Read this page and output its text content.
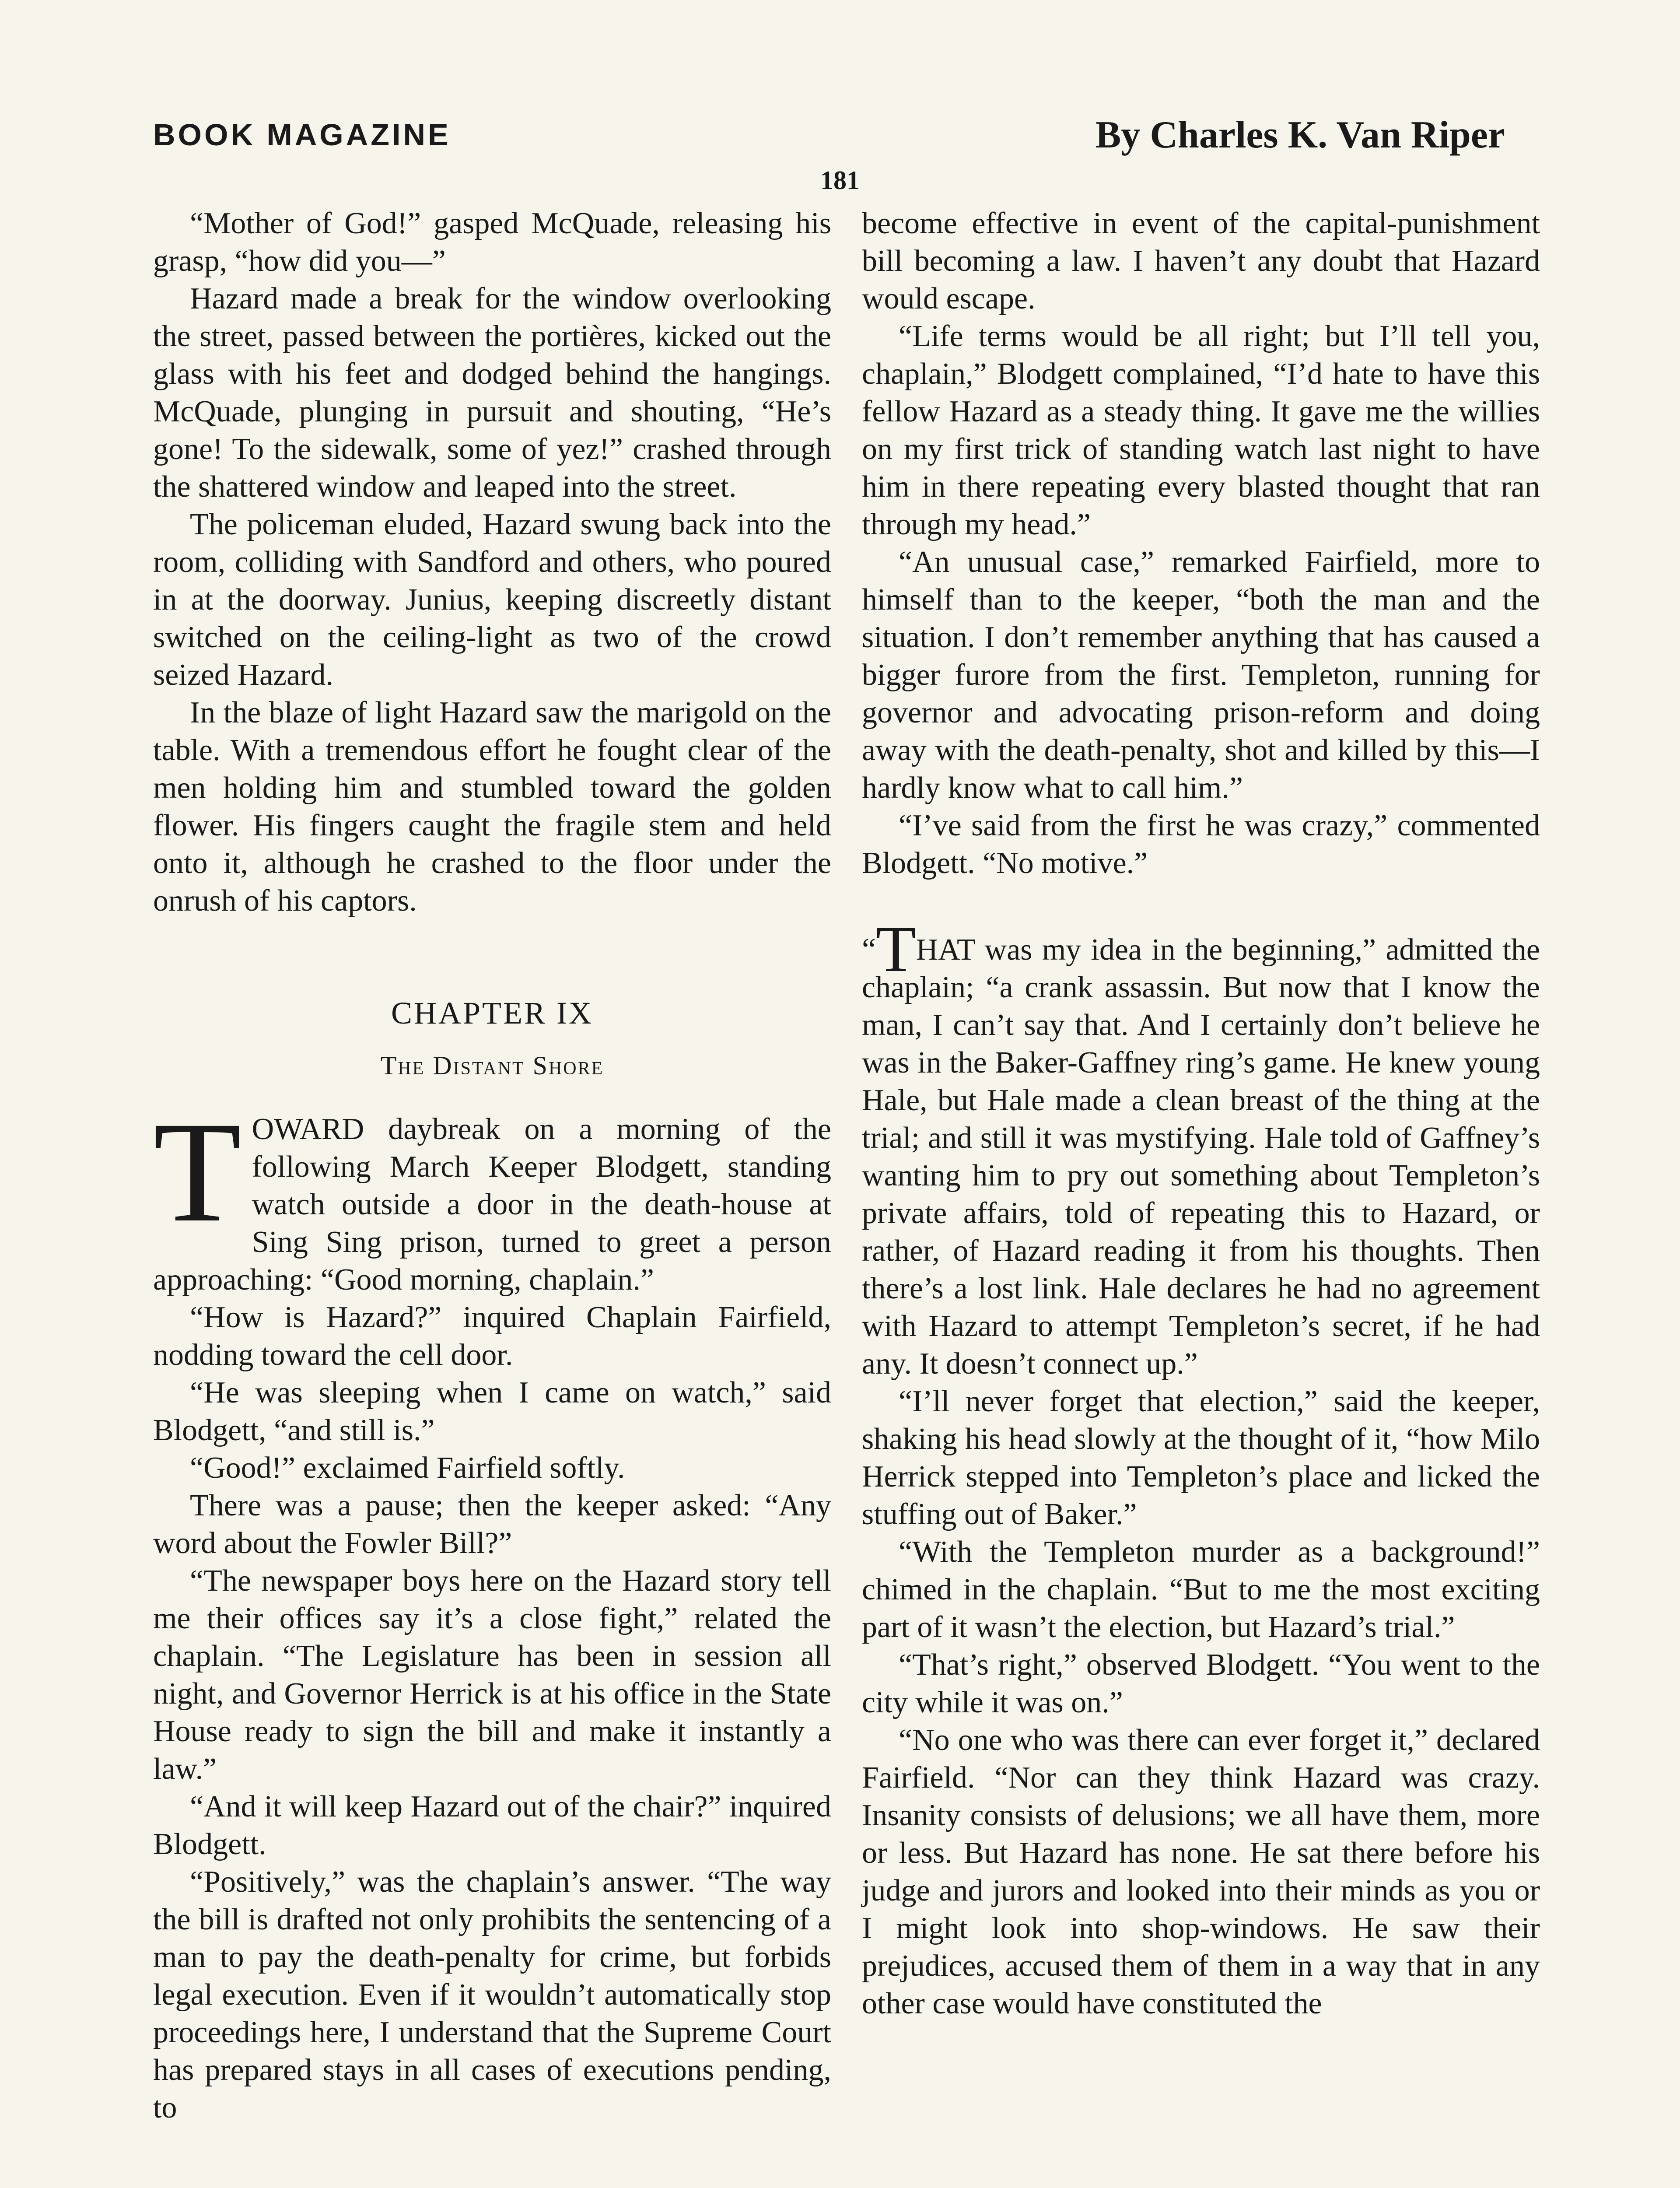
BOOK MAGAZINE	By Charles K. Van Riper
181

“Mother of God!” gasped McQuade, releasing his grasp, “how did you—”

Hazard made a break for the window overlooking the street, passed between the portières, kicked out the glass with his feet and dodged behind the hangings. McQuade, plunging in pursuit and shouting, “He’s gone! To the sidewalk, some of yez!” crashed through the shattered window and leaped into the street.

The policeman eluded, Hazard swung back into the room, colliding with Sandford and others, who poured in at the doorway. Junius, keeping discreetly distant switched on the ceiling-light as two of the crowd seized Hazard.

In the blaze of light Hazard saw the marigold on the table. With a tremendous effort he fought clear of the men holding him and stumbled toward the golden flower. His fingers caught the fragile stem and held onto it, although he crashed to the floor under the onrush of his captors.

CHAPTER IX
The Distant Shore

TOWARD daybreak on a morning of the following March Keeper Blodgett, standing watch outside a door in the death-house at Sing Sing prison, turned to greet a person approaching: “Good morning, chaplain.”

“How is Hazard?” inquired Chaplain Fairfield, nodding toward the cell door.

“He was sleeping when I came on watch,” said Blodgett, “and still is.”

“Good!” exclaimed Fairfield softly.

There was a pause; then the keeper asked: “Any word about the Fowler Bill?”

“The newspaper boys here on the Hazard story tell me their offices say it’s a close fight,” related the chaplain. “The Legislature has been in session all night, and Governor Herrick is at his office in the State House ready to sign the bill and make it instantly a law.”

“And it will keep Hazard out of the chair?” inquired Blodgett.

“Positively,” was the chaplain’s answer. “The way the bill is drafted not only prohibits the sentencing of a man to pay the death-penalty for crime, but forbids legal execution. Even if it wouldn’t automatically stop proceedings here, I understand that the Supreme Court has prepared stays in all cases of executions pending, to

become effective in event of the capital-punishment bill becoming a law. I haven’t any doubt that Hazard would escape.

“Life terms would be all right; but I’ll tell you, chaplain,” Blodgett complained, “I’d hate to have this fellow Hazard as a steady thing. It gave me the willies on my first trick of standing watch last night to have him in there repeating every blasted thought that ran through my head.”

“An unusual case,” remarked Fairfield, more to himself than to the keeper, “both the man and the situation. I don’t remember anything that has caused a bigger furore from the first. Templeton, running for governor and advocating prison-reform and doing away with the death-penalty, shot and killed by this—I hardly know what to call him.”

“I’ve said from the first he was crazy,” commented Blodgett. “No motive.”

“THAT was my idea in the beginning,” admitted the chaplain; “a crank assassin. But now that I know the man, I can’t say that. And I certainly don’t believe he was in the Baker-Gaffney ring’s game. He knew young Hale, but Hale made a clean breast of the thing at the trial; and still it was mystifying. Hale told of Gaffney’s wanting him to pry out something about Templeton’s private affairs, told of repeating this to Hazard, or rather, of Hazard reading it from his thoughts. Then there’s a lost link. Hale declares he had no agreement with Hazard to attempt Templeton’s secret, if he had any. It doesn’t connect up.”

“I’ll never forget that election,” said the keeper, shaking his head slowly at the thought of it, “how Milo Herrick stepped into Templeton’s place and licked the stuffing out of Baker.”

“With the Templeton murder as a background!” chimed in the chaplain. “But to me the most exciting part of it wasn’t the election, but Hazard’s trial.”

“That’s right,” observed Blodgett. “You went to the city while it was on.”

“No one who was there can ever forget it,” declared Fairfield. “Nor can they think Hazard was crazy. Insanity consists of delusions; we all have them, more or less. But Hazard has none. He sat there before his judge and jurors and looked into their minds as you or I might look into shop-windows. He saw their prejudices, accused them of them in a way that in any other case would have constituted the
